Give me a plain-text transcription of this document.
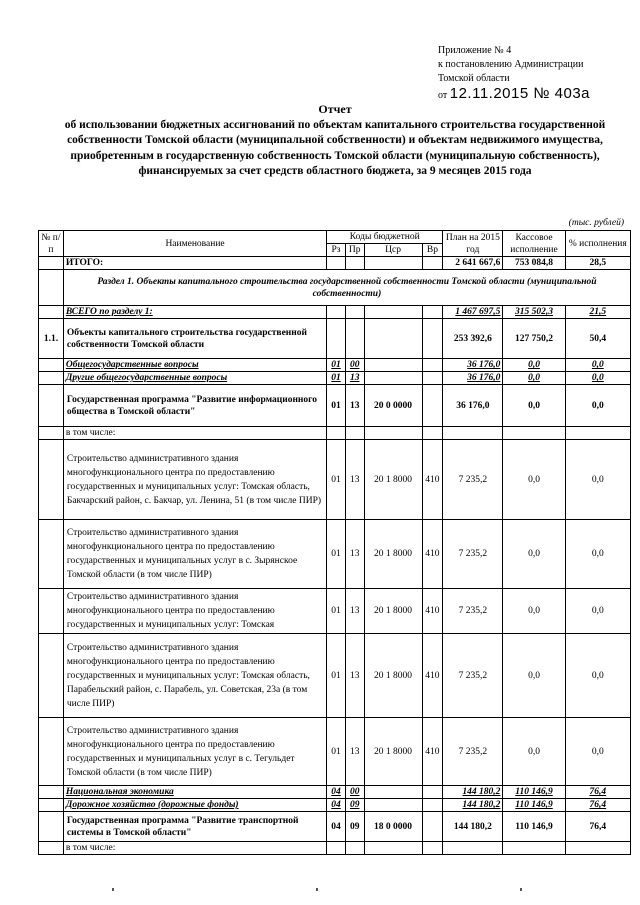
Приложение № 4
к постановлению Администрации
Томской области
от 12.11.2015 № 403а
Отчет
об использовании бюджетных ассигнований по объектам капитального строительства государственной собственности Томской области (муниципальной собственности) и объектам недвижимого имущества, приобретенным в государственную собственность Томской области (муниципальную собственность), финансируемых за счет средств областного бюджета, за 9 месяцев 2015 года
(тыс. рублей)
№ п/п	Наименование	Коды бюджетной				План на 2015 год	Кассовое исполнение	% исполнения
		Рз	Пр	Цср	Вр			
	ИТОГО:					2 641 667,6	753 084,8	28,5
	Раздел 1. Объекты капитального строительства государственной собственности Томской области (муниципальной собственности)							
	ВСЕГО по разделу 1:					1 467 697,5	315 502,3	21,5
1.1.	Объекты капитального строительства государственной собственности Томской области					253 392,6	127 750,2	50,4
	Общегосударственные вопросы	01	00			36 176,0	0,0	0,0
	Другие общегосударственные вопросы	01	13			36 176,0	0,0	0,0
	Государственная программа "Развитие информационного общества в Томской области"	01	13	20 0 0000		36 176,0	0,0	0,0
	в том числе:							
	Строительство административного здания многофункционального центра по предоставлению государственных и муниципальных услуг: Томская область, Бакчарский район, с. Бакчар, ул. Ленина, 51 (в том числе ПИР)	01	13	20 1 8000	410	7 235,2	0,0	0,0
	Строительство административного здания многофункционального центра по предоставлению государственных и муниципальных услуг в с. Зырянское Томской области (в том числе ПИР)	01	13	20 1 8000	410	7 235,2	0,0	0,0
	Строительство административного здания многофункционального центра по предоставлению государственных и муниципальных услуг: Томская	01	13	20 1 8000	410	7 235,2	0,0	0,0
	Строительство административного здания многофункционального центра по предоставлению государственных и муниципальных услуг: Томская область, Парабельский район, с. Парабель, ул. Советская, 23а (в том числе ПИР)	01	13	20 1 8000	410	7 235,2	0,0	0,0
	Строительство административного здания многофункционального центра по предоставлению государственных и муниципальных услуг в с. Тегульдет Томской области (в том числе ПИР)	01	13	20 1 8000	410	7 235,2	0,0	0,0
	Национальная экономика	04	00			144 180,2	110 146,9	76,4
	Дорожное хозяйство (дорожные фонды)	04	09			144 180,2	110 146,9	76,4
	Государственная программа "Развитие транспортной системы в Томской области"	04	09	18 0 0000		144 180,2	110 146,9	76,4
	в том числе:							
